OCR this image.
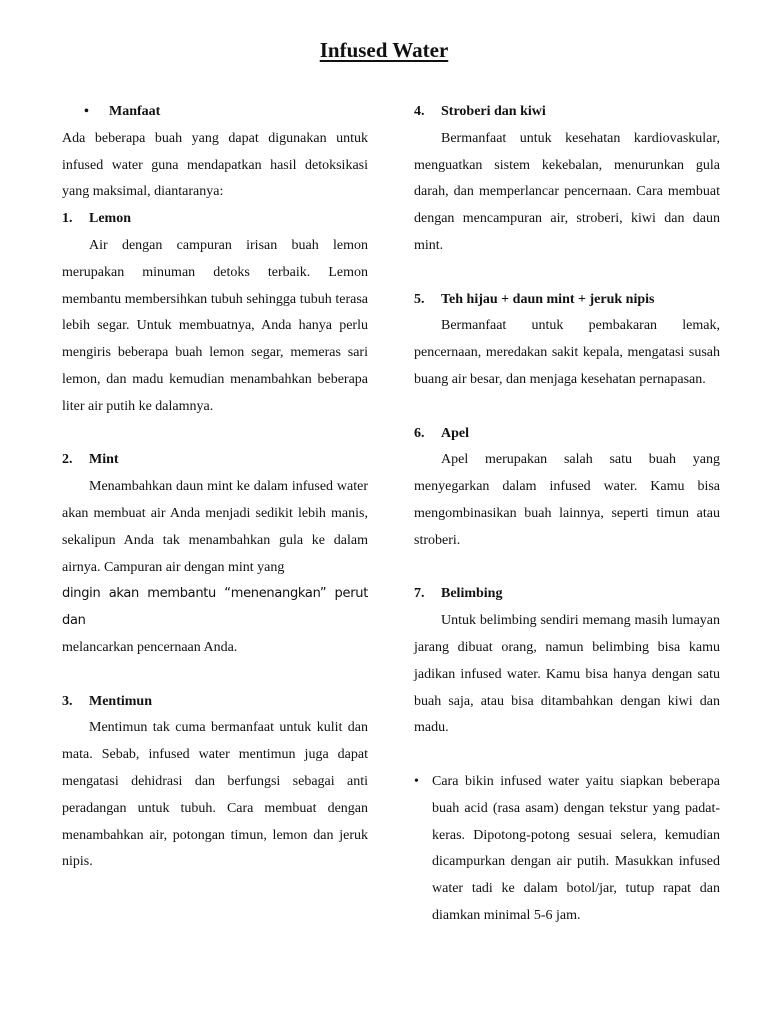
Infused Water
•	Manfaat

Ada beberapa buah yang dapat digunakan untuk infused water guna mendapatkan hasil detoksikasi yang maksimal, diantaranya:

1.	Lemon

Air dengan campuran irisan buah lemon merupakan minuman detoks terbaik. Lemon membantu membersihkan tubuh sehingga tubuh terasa lebih segar. Untuk membuatnya, Anda hanya perlu mengiris beberapa buah lemon segar, memeras sari lemon, dan madu kemudian menambahkan beberapa liter air putih ke dalamnya.

2.	Mint

Menambahkan daun mint ke dalam infused water akan membuat air Anda menjadi sedikit lebih manis, sekalipun Anda tak menambahkan gula ke dalam airnya. Campuran air dengan mint yang

dingin akan membantu “menenangkan” perut dan

melancarkan pencernaan Anda.

3.	Mentimun

Mentimun tak cuma bermanfaat untuk kulit dan mata. Sebab, infused water mentimun juga dapat mengatasi dehidrasi dan berfungsi sebagai anti peradangan untuk tubuh. Cara membuat dengan menambahkan air, potongan timun, lemon dan jeruk nipis.

4.	Stroberi dan kiwi

Bermanfaat untuk kesehatan kardiovaskular, menguatkan sistem kekebalan, menurunkan gula darah, dan memperlancar pencernaan. Cara membuat dengan mencampuran air, stroberi, kiwi dan daun mint.

5.	Teh hijau + daun mint + jeruk nipis

Bermanfaat untuk pembakaran lemak, pencernaan, meredakan sakit kepala, mengatasi susah buang air besar, dan menjaga kesehatan pernapasan.

6.	Apel

Apel merupakan salah satu buah yang menyegarkan dalam infused water. Kamu bisa mengombinasikan buah lainnya, seperti timun atau stroberi.

7.	Belimbing

Untuk belimbing sendiri memang masih lumayan jarang dibuat orang, namun belimbing bisa kamu jadikan infused water. Kamu bisa hanya dengan satu buah saja, atau bisa ditambahkan dengan kiwi dan madu.

• Cara bikin infused water yaitu siapkan beberapa buah acid (rasa asam) dengan tekstur yang padat-keras. Dipotong-potong sesuai selera, kemudian dicampurkan dengan air putih. Masukkan infused water tadi ke dalam botol/jar, tutup rapat dan diamkan minimal 5-6 jam.
